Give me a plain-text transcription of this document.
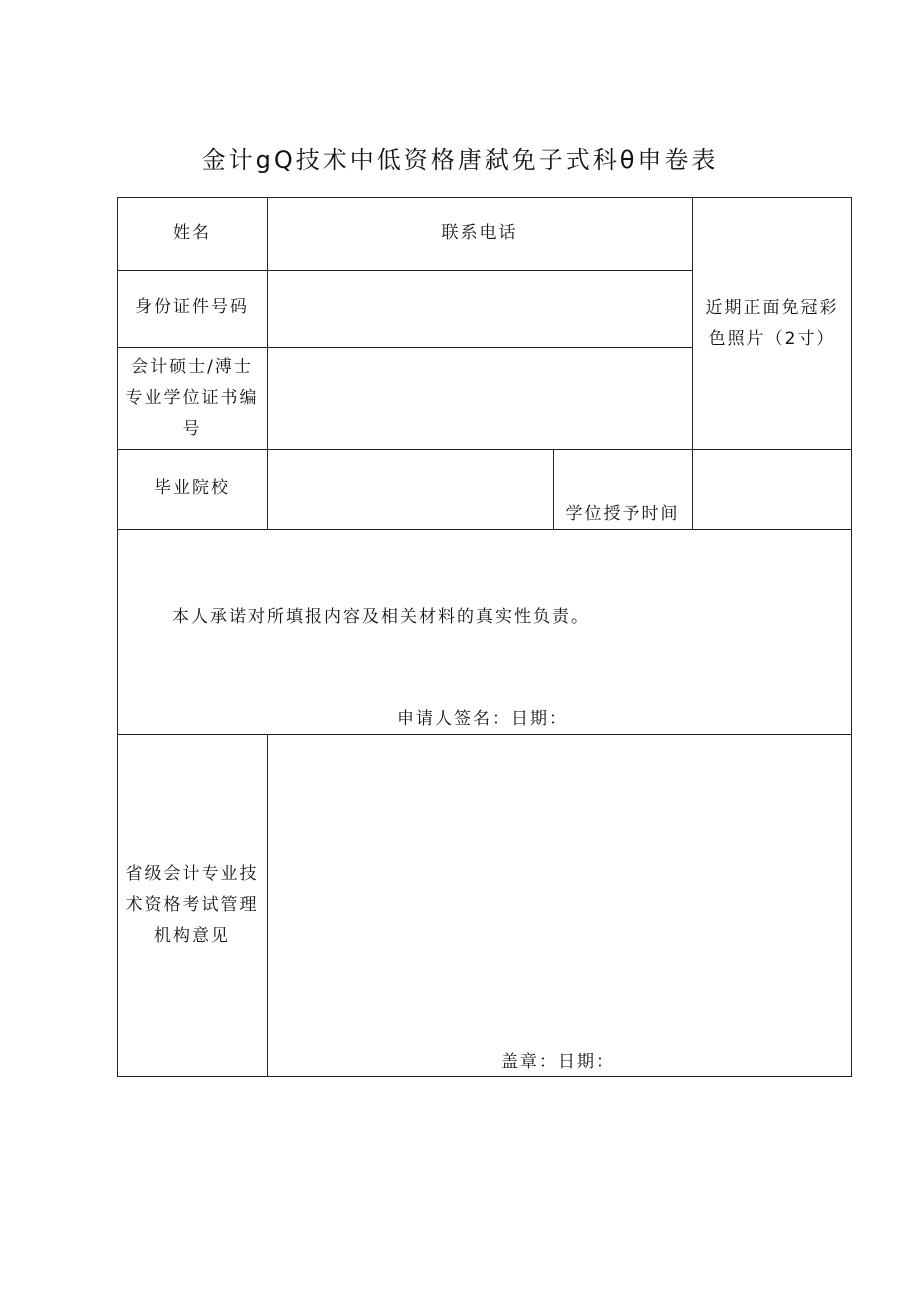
金计gQ技术中低资格唐弑免子式科θ申卷表
姓名	联系电话
身份证件号码
会计硕士/溥士专业学位证书编号
近期正面免冠彩色照片（2寸）
毕业院校
学位授予时间
本人承诺对所填报内容及相关材料的真实性负责。
申请人签名：日期：
省级会计专业技术资格考试管理机构意见
盖章：日期：
